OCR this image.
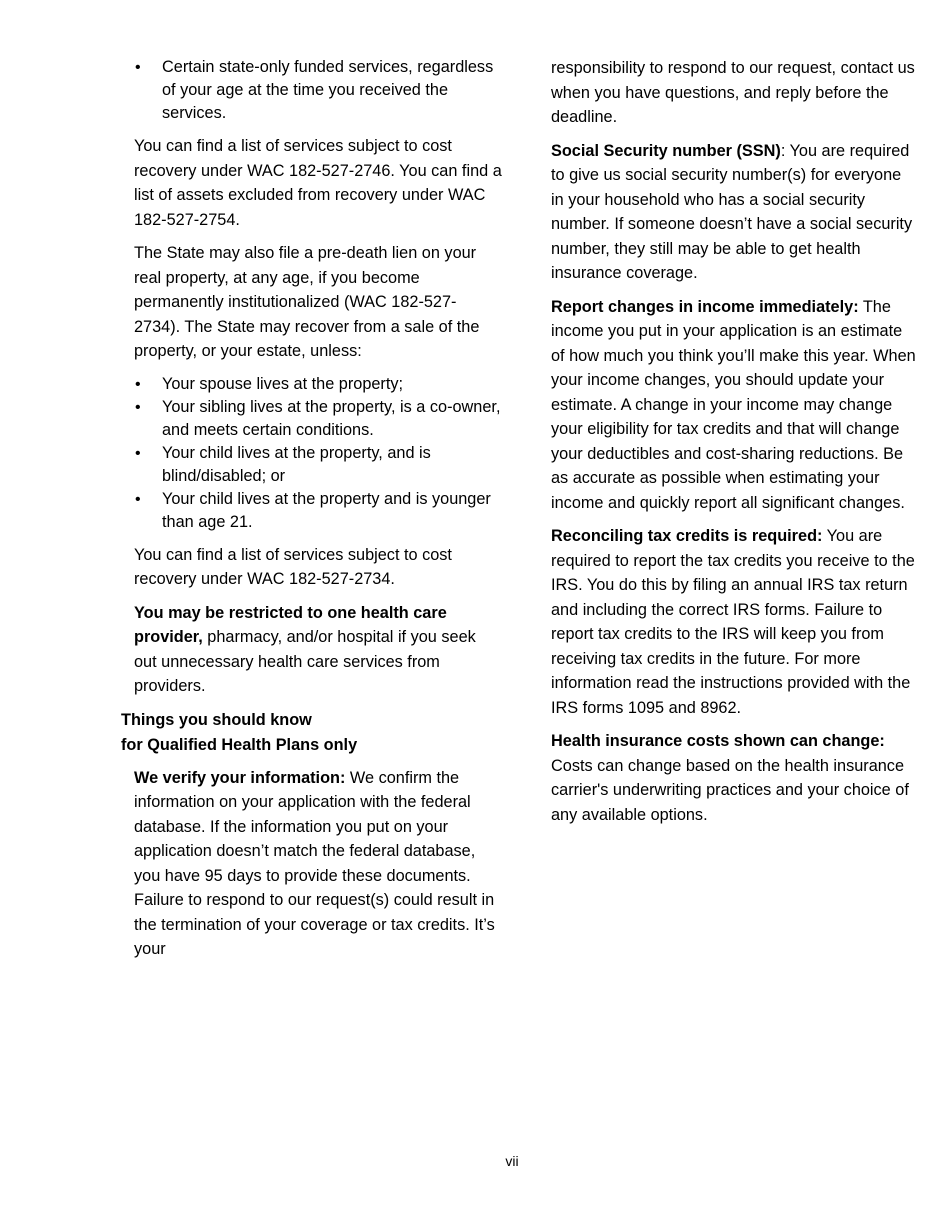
• Certain state-only funded services, regardless of your age at the time you received the services.

You can find a list of services subject to cost recovery under WAC 182-527-2746. You can find a list of assets excluded from recovery under WAC 182-527-2754.

The State may also file a pre-death lien on your real property, at any age, if you become permanently institutionalized (WAC 182-527-2734). The State may recover from a sale of the property, or your estate, unless:

• Your spouse lives at the property;
• Your sibling lives at the property, is a co-owner, and meets certain conditions.
• Your child lives at the property, and is blind/disabled; or
• Your child lives at the property and is younger than age 21.

You can find a list of services subject to cost recovery under WAC 182-527-2734.

You may be restricted to one health care provider, pharmacy, and/or hospital if you seek out unnecessary health care services from providers.

Things you should know
for Qualified Health Plans only

We verify your information: We confirm the information on your application with the federal database. If the information you put on your application doesn’t match the federal database, you have 95 days to provide these documents. Failure to respond to our request(s) could result in the termination of your coverage or tax credits. It’s your

responsibility to respond to our request, contact us when you have questions, and reply before the deadline.

Social Security number (SSN): You are required to give us social security number(s) for everyone in your household who has a social security number. If someone doesn’t have a social security number, they still may be able to get health insurance coverage.

Report changes in income immediately: The income you put in your application is an estimate of how much you think you’ll make this year. When your income changes, you should update your estimate. A change in your income may change your eligibility for tax credits and that will change your deductibles and cost-sharing reductions. Be as accurate as possible when estimating your income and quickly report all significant changes.

Reconciling tax credits is required: You are required to report the tax credits you receive to the IRS. You do this by filing an annual IRS tax return and including the correct IRS forms. Failure to report tax credits to the IRS will keep you from receiving tax credits in the future. For more information read the instructions provided with the IRS forms 1095 and 8962.

Health insurance costs shown can change: Costs can change based on the health insurance carrier's underwriting practices and your choice of any available options.

vii
